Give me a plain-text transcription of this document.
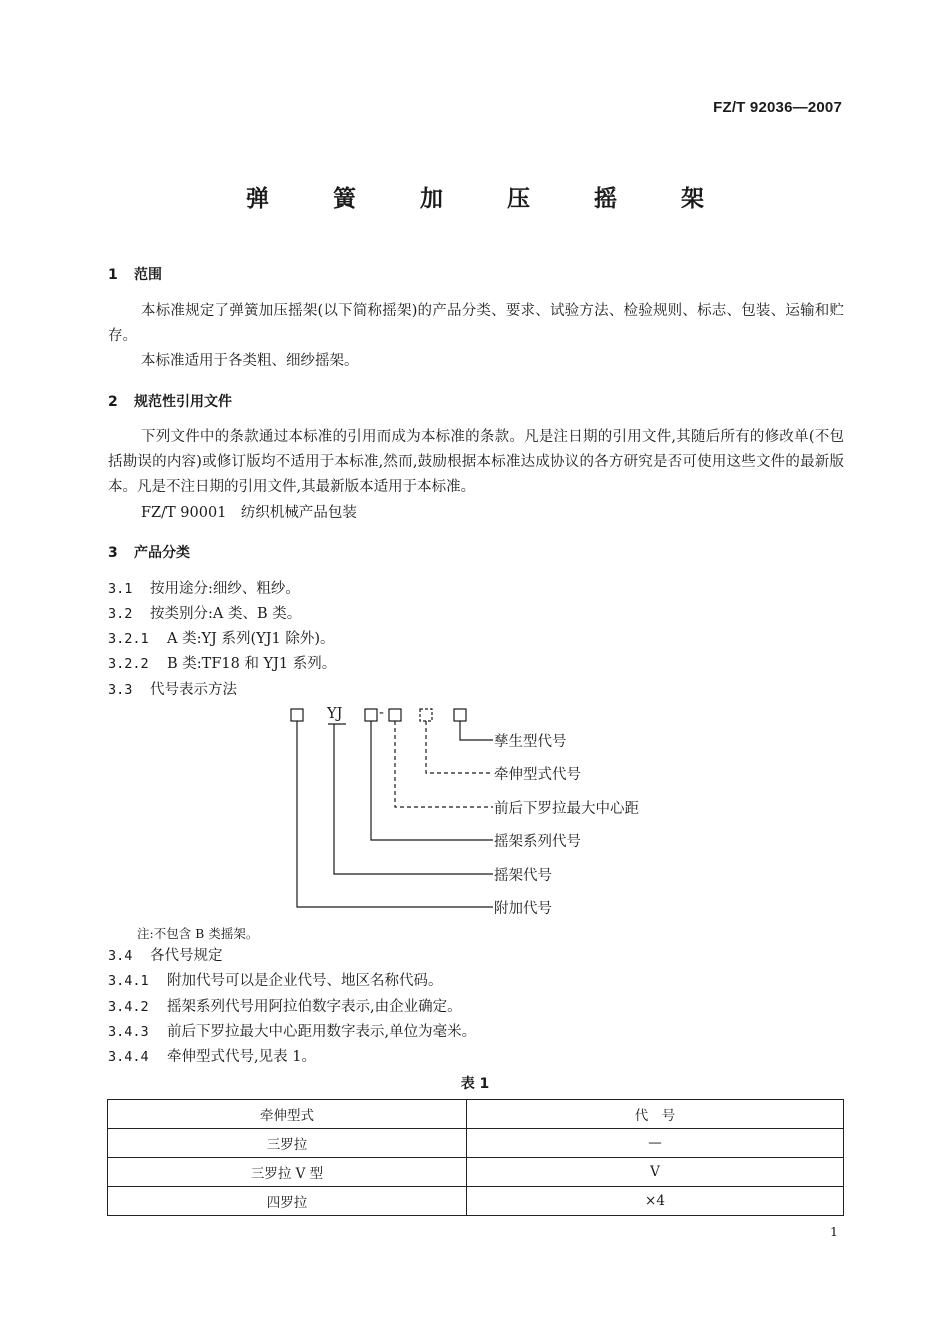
FZ/T 92036—2007
弹 簧 加 压 摇 架
1 范围
本标准规定了弹簧加压摇架(以下简称摇架)的产品分类、要求、试验方法、检验规则、标志、包装、运输和贮存。
本标准适用于各类粗、细纱摇架。
2 规范性引用文件
下列文件中的条款通过本标准的引用而成为本标准的条款。凡是注日期的引用文件,其随后所有的修改单(不包括勘误的内容)或修订版均不适用于本标准,然而,鼓励根据本标准达成协议的各方研究是否可使用这些文件的最新版本。凡是不注日期的引用文件,其最新版本适用于本标准。
FZ/T 90001　纺织机械产品包装
3 产品分类
3.1 按用途分:细纱、粗纱。
3.2 按类别分:A 类、B 类。
3.2.1 A 类:YJ 系列(YJ1 除外)。
3.2.2 B 类:TF18 和 YJ1 系列。
3.3 代号表示方法
YJ	-
孳生型代号
牵伸型式代号
前后下罗拉最大中心距
摇架系列代号
摇架代号
附加代号
注:不包含 B 类摇架。
3.4 各代号规定
3.4.1 附加代号可以是企业代号、地区名称代码。
3.4.2 摇架系列代号用阿拉伯数字表示,由企业确定。
3.4.3 前后下罗拉最大中心距用数字表示,单位为毫米。
3.4.4 牵伸型式代号,见表 1。
表 1
牵伸型式	代　号
三罗拉	—
三罗拉 V 型	V
四罗拉	×4
1
